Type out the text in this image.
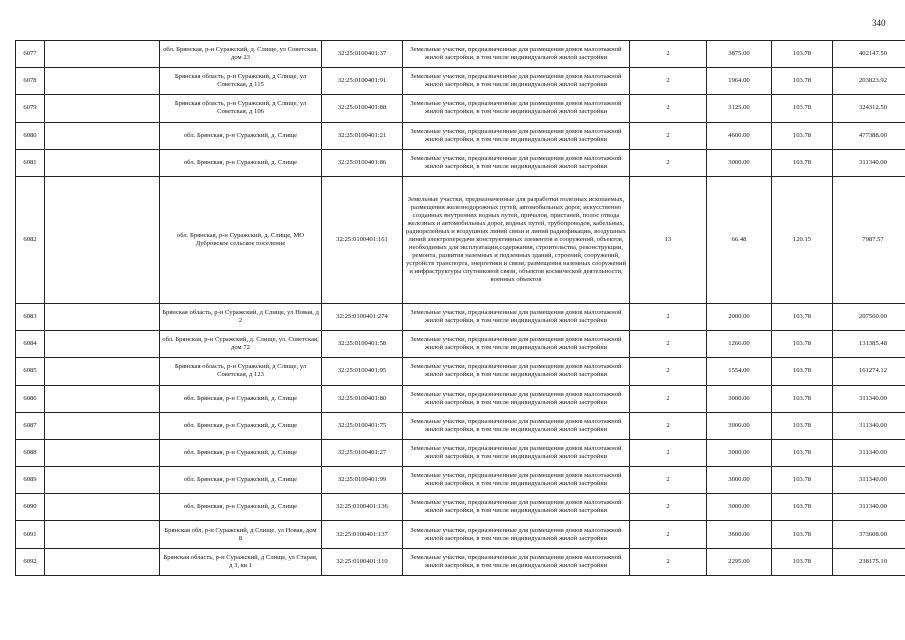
340
6077		обл. Брянская, р-н Суражский, д. Слище, ул Советская, дом 23	32:25:0100401:37	Земельные участки, предназначенные для размещения домов малоэтажной жилой застройки, в том числе индивидуальной жилой застройки	2	3875.00	103.78	402147.50
6078		Брянская область, р-н Суражский, д Слище, ул Советская, д 115	32:25:0100401:91	Земельные участки, предназначенные для размещения домов малоэтажной жилой застройки, в том числе индивидуальной жилой застройки	2	1964.00	103.78	203823.92
6079		Брянская область, р-н Суражский, д Слище, ул Советская, д 106	32:25:0100401:88	Земельные участки, предназначенные для размещения домов малоэтажной жилой застройки, в том числе индивидуальной жилой застройки	2	3125.00	103.78	324312.50
6080		обл. Брянская, р-н Суражский, д. Слище	32:25:0100401:21	Земельные участки, предназначенные для размещения домов малоэтажной жилой застройки, в том числе индивидуальной жилой застройки	2	4600.00	103.78	477388.00
6081		обл. Брянская, р-н Суражский, д. Слище	32:25:0100401:86	Земельные участки, предназначенные для размещения домов малоэтажной жилой застройки, в том числе индивидуальной жилой застройки	2	3000.00	103.78	311340.00
6082		обл. Брянская, р-н Суражский, д. Слище, МО Дубровское сельское поселение	32:25:0100401:161	Земельные участки, предназначенные для разработки полезных ископаемых, размещения железнодорожных путей, автомобильных дорог, искусственно созданных внутренних водных путей, причалов, пристаней, полос отвода железных и автомобильных дорог, водных путей, трубопроводов, кабельных, радиорелейных и воздушных линий связи и линий радиофикации, воздушных линий электропередачи конструктивных элементов и сооружений, объектов, необходимых для эксплуатации,содержания, строительства, реконструкции, ремонта, развития наземных и подземных зданий, строений, сооружений, устройств транспорта, энергетики и связи; размещения наземных сооружений и инфраструктуры спутниковой связи, объектов космической деятельности, военных объектов	13	66.48	120.15	7987.57
6083		Брянская область, р-н Суражский, д Слище, ул Новая, д 2	32:25:0100401:274	Земельные участки, предназначенные для размещения домов малоэтажной жилой застройки, в том числе индивидуальной жилой застройки	2	2000.00	103.78	207560.00
6084		обл. Брянская, р-н Суражский, д. Слище, ул. Советская, дом 72	32:25:0100401:58	Земельные участки, предназначенные для размещения домов малоэтажной жилой застройки, в том числе индивидуальной жилой застройки	2	1266.00	103.78	131385.48
6085		Брянская область, р-н Суражский, д Слище, ул Советская, д 123	32:25:0100401:95	Земельные участки, предназначенные для размещения домов малоэтажной жилой застройки, в том числе индивидуальной жилой застройки	2	1554.00	103.78	161274.12
6086		обл. Брянская, р-н Суражский, д. Слище	32:25:0100401:80	Земельные участки, предназначенные для размещения домов малоэтажной жилой застройки, в том числе индивидуальной жилой застройки	2	3000.00	103.78	311340.00
6087		обл. Брянская, р-н Суражский, д. Слище	32:25:0100401:75	Земельные участки, предназначенные для размещения домов малоэтажной жилой застройки, в том числе индивидуальной жилой застройки	2	3000.00	103.78	311340.00
6088		обл. Брянская, р-н Суражский, д. Слище	32:25:0100401:27	Земельные участки, предназначенные для размещения домов малоэтажной жилой застройки, в том числе индивидуальной жилой застройки	2	3000.00	103.78	311340.00
6089		обл. Брянская, р-н Суражский, д. Слище	32:25:0100401:99	Земельные участки, предназначенные для размещения домов малоэтажной жилой застройки, в том числе индивидуальной жилой застройки	2	3000.00	103.78	311340.00
6090		обл. Брянская, р-н Суражский, д. Слище	32:25:0100401:136	Земельные участки, предназначенные для размещения домов малоэтажной жилой застройки, в том числе индивидуальной жилой застройки	2	3000.00	103.78	311340.00
6091		Брянская обл, р-н Суражский, д Слище, ул Новая, дом 8	32:25:0100401:137	Земельные участки, предназначенные для размещения домов малоэтажной жилой застройки, в том числе индивидуальной жилой застройки	2	3600.00	103.78	373608.00
6092		Брянская область, р-н Суражский, д Слище, ул Старая, д 3, кв 1	32:25:0100401:110	Земельные участки, предназначенные для размещения домов малоэтажной жилой застройки, в том числе индивидуальной жилой застройки	2	2295.00	103.78	238175.10
